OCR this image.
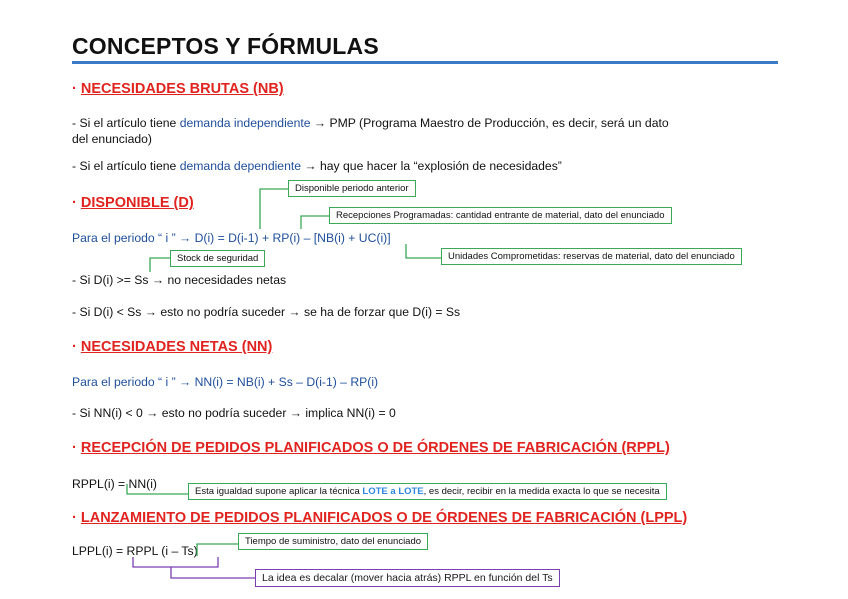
CONCEPTOS Y FÓRMULAS
· NECESIDADES BRUTAS (NB)
- Si el artículo tiene demanda independiente → PMP (Programa Maestro de Producción, es decir, será un dato
del enunciado)
- Si el artículo tiene demanda dependiente → hay que hacer la “explosión de necesidades”
· DISPONIBLE (D)
Para el periodo “ i ” → D(i) = D(i-1) + RP(i) – [NB(i) + UC(i)]
- Si D(i) >= Ss → no necesidades netas
- Si D(i) < Ss → esto no podría suceder → se ha de forzar que D(i) = Ss
· NECESIDADES NETAS (NN)
Para el periodo “ i ” → NN(i) = NB(i) + Ss – D(i-1) – RP(i)
- Si NN(i) < 0 → esto no podría suceder → implica NN(i) = 0
· RECEPCIÓN DE PEDIDOS PLANIFICADOS O DE ÓRDENES DE FABRICACIÓN (RPPL)
RPPL(i) = NN(i)
· LANZAMIENTO DE PEDIDOS PLANIFICADOS O DE ÓRDENES DE FABRICACIÓN (LPPL)
LPPL(i) = RPPL (i – Ts)
Disponible periodo anterior
Recepciones Programadas: cantidad entrante de material, dato del enunciado
Stock de seguridad	Unidades Comprometidas: reservas de material, dato del enunciado
Esta igualdad supone aplicar la técnica LOTE a LOTE, es decir, recibir en la medida exacta lo que se necesita
Tiempo de suministro, dato del enunciado
La idea es decalar (mover hacia atrás) RPPL en función del Ts
